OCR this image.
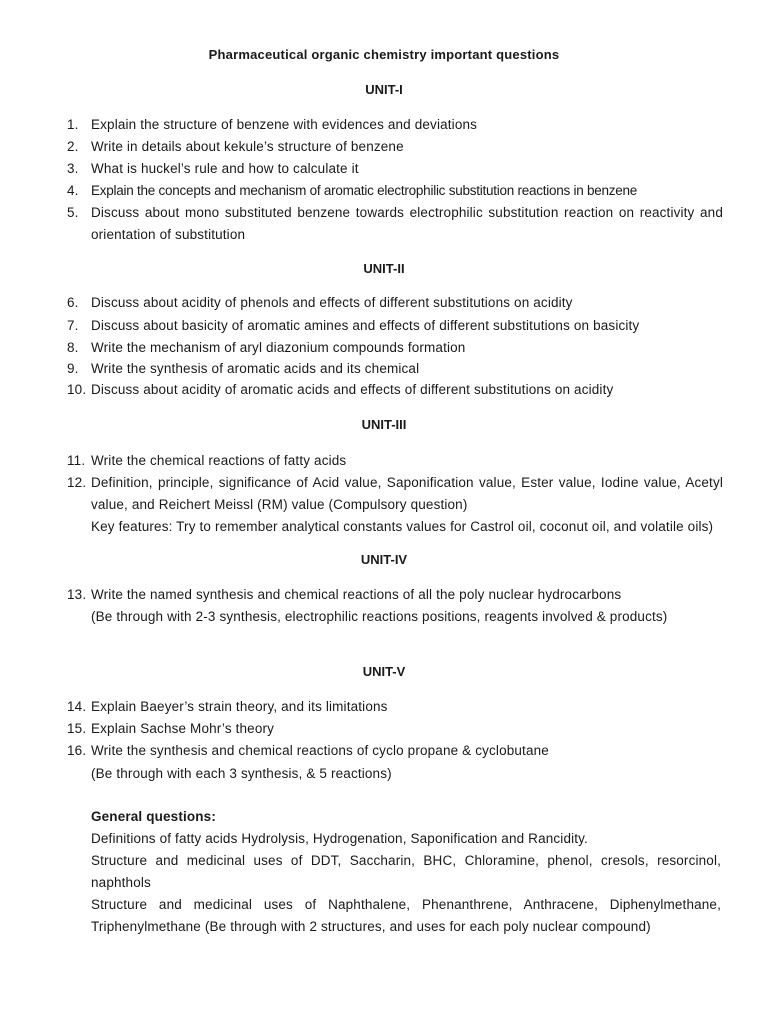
Pharmaceutical organic chemistry important questions
UNIT-I
1. Explain the structure of benzene with evidences and deviations
2. Write in details about kekule’s structure of benzene
3. What is huckel’s rule and how to calculate it
4. Explain the concepts and mechanism of aromatic electrophilic substitution reactions in benzene
5. Discuss about mono substituted benzene towards electrophilic substitution reaction on reactivity and
orientation of substitution
UNIT-II
6. Discuss about acidity of phenols and effects of different substitutions on acidity
7. Discuss about basicity of aromatic amines and effects of different substitutions on basicity
8. Write the mechanism of aryl diazonium compounds formation
9. Write the synthesis of aromatic acids and its chemical
10. Discuss about acidity of aromatic acids and effects of different substitutions on acidity
UNIT-III
11. Write the chemical reactions of fatty acids
12. Definition, principle, significance of Acid value, Saponification value, Ester value, Iodine value, Acetyl
value, and Reichert Meissl (RM) value (Compulsory question)
Key features: Try to remember analytical constants values for Castrol oil, coconut oil, and volatile oils)
UNIT-IV
13. Write the named synthesis and chemical reactions of all the poly nuclear hydrocarbons
(Be through with 2-3 synthesis, electrophilic reactions positions, reagents involved & products)
UNIT-V
14. Explain Baeyer’s strain theory, and its limitations
15. Explain Sachse Mohr’s theory
16. Write the synthesis and chemical reactions of cyclo propane & cyclobutane
(Be through with each 3 synthesis, & 5 reactions)
General questions:
Definitions of fatty acids Hydrolysis, Hydrogenation, Saponification and Rancidity.
Structure and medicinal uses of DDT, Saccharin, BHC, Chloramine, phenol, cresols, resorcinol,
naphthols
Structure and medicinal uses of Naphthalene, Phenanthrene, Anthracene, Diphenylmethane,
Triphenylmethane (Be through with 2 structures, and uses for each poly nuclear compound)
